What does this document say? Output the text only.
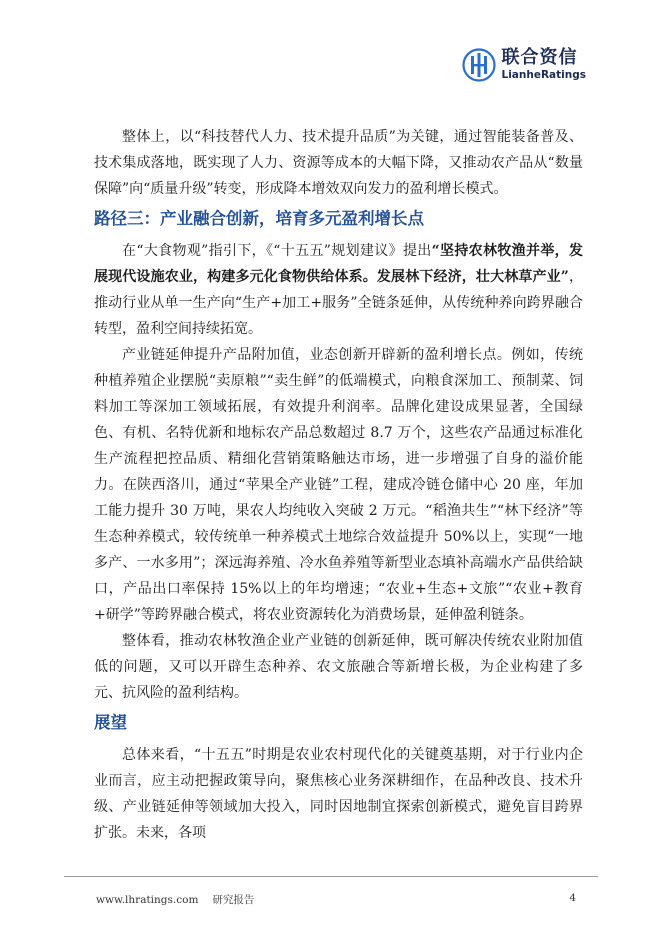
联合资信
LianheRatings

整体上，以“科技替代人力、技术提升品质”为关键，通过智能装备普及、技术集成落地，既实现了人力、资源等成本的大幅下降，又推动农产品从“数量保障”向“质量升级”转变，形成降本增效双向发力的盈利增长模式。

路径三：产业融合创新，培育多元盈利增长点

在“大食物观”指引下，《“十五五”规划建议》提出“坚持农林牧渔并举，发展现代设施农业，构建多元化食物供给体系。发展林下经济，壮大林草产业”，推动行业从单一生产向“生产+加工+服务”全链条延伸，从传统种养向跨界融合转型，盈利空间持续拓宽。

产业链延伸提升产品附加值，业态创新开辟新的盈利增长点。例如，传统种植养殖企业摆脱“卖原粮”“卖生鲜”的低端模式，向粮食深加工、预制菜、饲料加工等深加工领域拓展，有效提升利润率。品牌化建设成果显著，全国绿色、有机、名特优新和地标农产品总数超过 8.7 万个，这些农产品通过标准化生产流程把控品质、精细化营销策略触达市场，进一步增强了自身的溢价能力。在陕西洛川，通过“苹果全产业链”工程，建成冷链仓储中心 20 座，年加工能力提升 30 万吨，果农人均纯收入突破 2 万元。“稻渔共生”“林下经济”等生态种养模式，较传统单一种养模式土地综合效益提升 50%以上，实现“一地多产、一水多用”；深远海养殖、冷水鱼养殖等新型业态填补高端水产品供给缺口，产品出口率保持 15%以上的年均增速；“农业+生态+文旅”“农业+教育+研学”等跨界融合模式，将农业资源转化为消费场景，延伸盈利链条。

整体看，推动农林牧渔企业产业链的创新延伸，既可解决传统农业附加值低的问题，又可以开辟生态种养、农文旅融合等新增长极，为企业构建了多元、抗风险的盈利结构。

展望

总体来看，“十五五”时期是农业农村现代化的关键奠基期，对于行业内企业而言，应主动把握政策导向，聚焦核心业务深耕细作，在品种改良、技术升级、产业链延伸等领域加大投入，同时因地制宜探索创新模式，避免盲目跨界扩张。未来，各项

www.lhratings.com 研究报告	4
